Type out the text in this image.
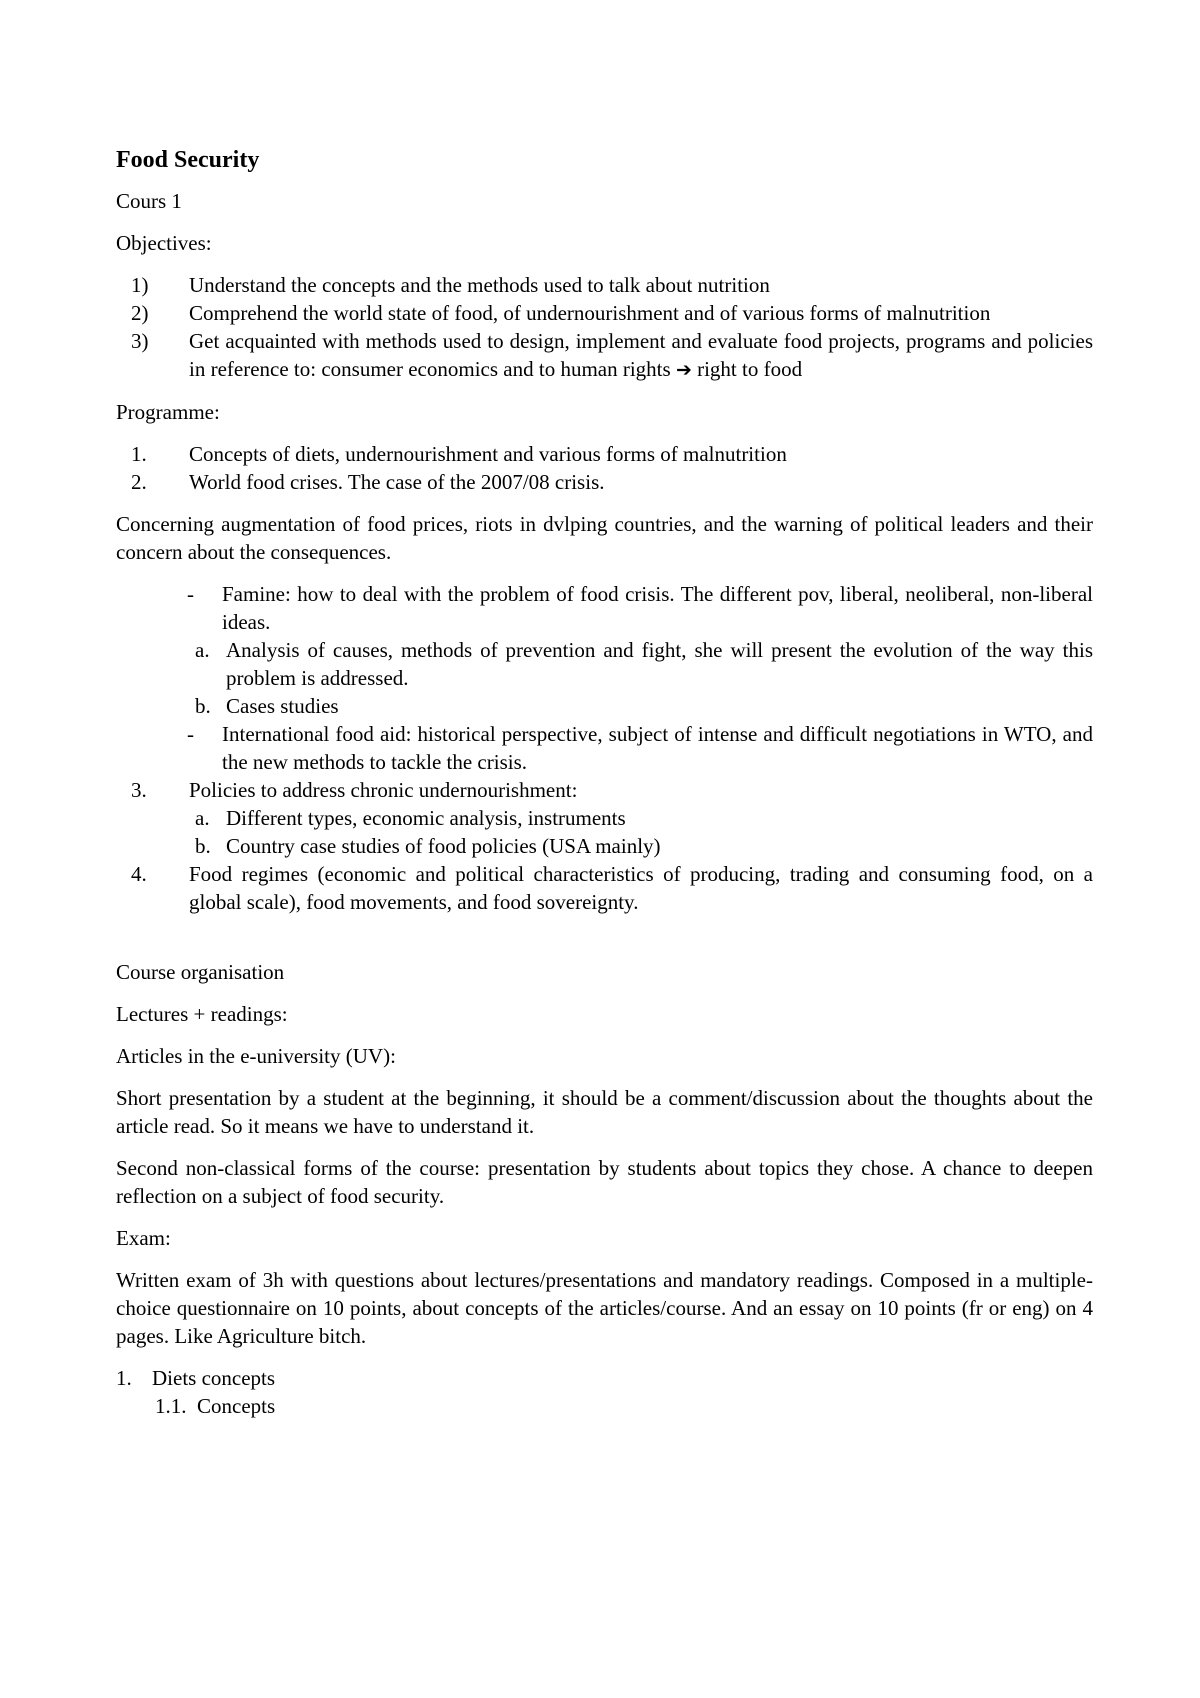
Food Security

Cours 1

Objectives:

1) Understand the concepts and the methods used to talk about nutrition
2) Comprehend the world state of food, of undernourishment and of various forms of malnutrition
3) Get acquainted with methods used to design, implement and evaluate food projects, programs and policies in reference to: consumer economics and to human rights ➔ right to food

Programme:

1. Concepts of diets, undernourishment and various forms of malnutrition
2. World food crises. The case of the 2007/08 crisis.

Concerning augmentation of food prices, riots in dvlping countries, and the warning of political leaders and their concern about the consequences.

- Famine: how to deal with the problem of food crisis. The different pov, liberal, neoliberal, non-liberal ideas.
a. Analysis of causes, methods of prevention and fight, she will present the evolution of the way this problem is addressed.
b. Cases studies
- International food aid: historical perspective, subject of intense and difficult negotiations in WTO, and the new methods to tackle the crisis.
3. Policies to address chronic undernourishment:
a. Different types, economic analysis, instruments
b. Country case studies of food policies (USA mainly)
4. Food regimes (economic and political characteristics of producing, trading and consuming food, on a global scale), food movements, and food sovereignty.

Course organisation

Lectures + readings:

Articles in the e-university (UV):

Short presentation by a student at the beginning, it should be a comment/discussion about the thoughts about the article read. So it means we have to understand it.

Second non-classical forms of the course: presentation by students about topics they chose. A chance to deepen reflection on a subject of food security.

Exam:

Written exam of 3h with questions about lectures/presentations and mandatory readings. Composed in a multiple-choice questionnaire on 10 points, about concepts of the articles/course. And an essay on 10 points (fr or eng) on 4 pages. Like Agriculture bitch.

1. Diets concepts
1.1. Concepts
